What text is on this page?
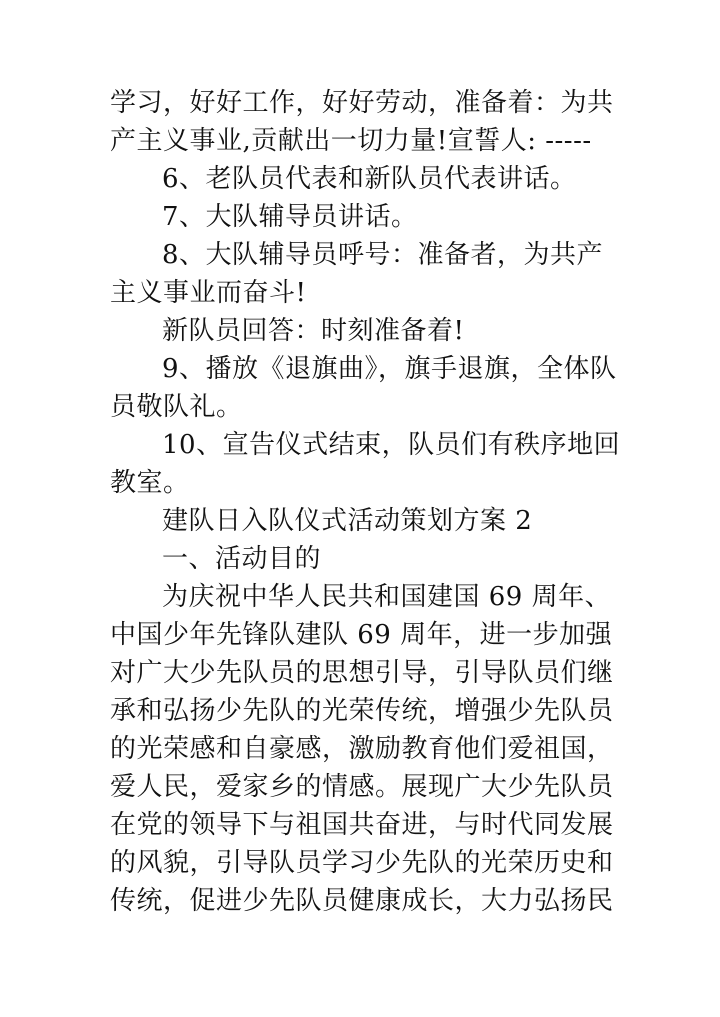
学习，好好工作，好好劳动，准备着：为共
产主义事业,贡献出一切力量!宣誓人: -----
6、老队员代表和新队员代表讲话。
7、大队辅导员讲话。
8、大队辅导员呼号：准备者，为共产
主义事业而奋斗!
新队员回答：时刻准备着!
9、播放《退旗曲》，旗手退旗，全体队
员敬队礼。
10、宣告仪式结束，队员们有秩序地回
教室。
建队日入队仪式活动策划方案 2
一、活动目的
为庆祝中华人民共和国建国 69 周年、
中国少年先锋队建队 69 周年，进一步加强
对广大少先队员的思想引导，引导队员们继
承和弘扬少先队的光荣传统，增强少先队员
的光荣感和自豪感，激励教育他们爱祖国，
爱人民，爱家乡的情感。展现广大少先队员
在党的领导下与祖国共奋进，与时代同发展
的风貌，引导队员学习少先队的光荣历史和
传统，促进少先队员健康成长，大力弘扬民
